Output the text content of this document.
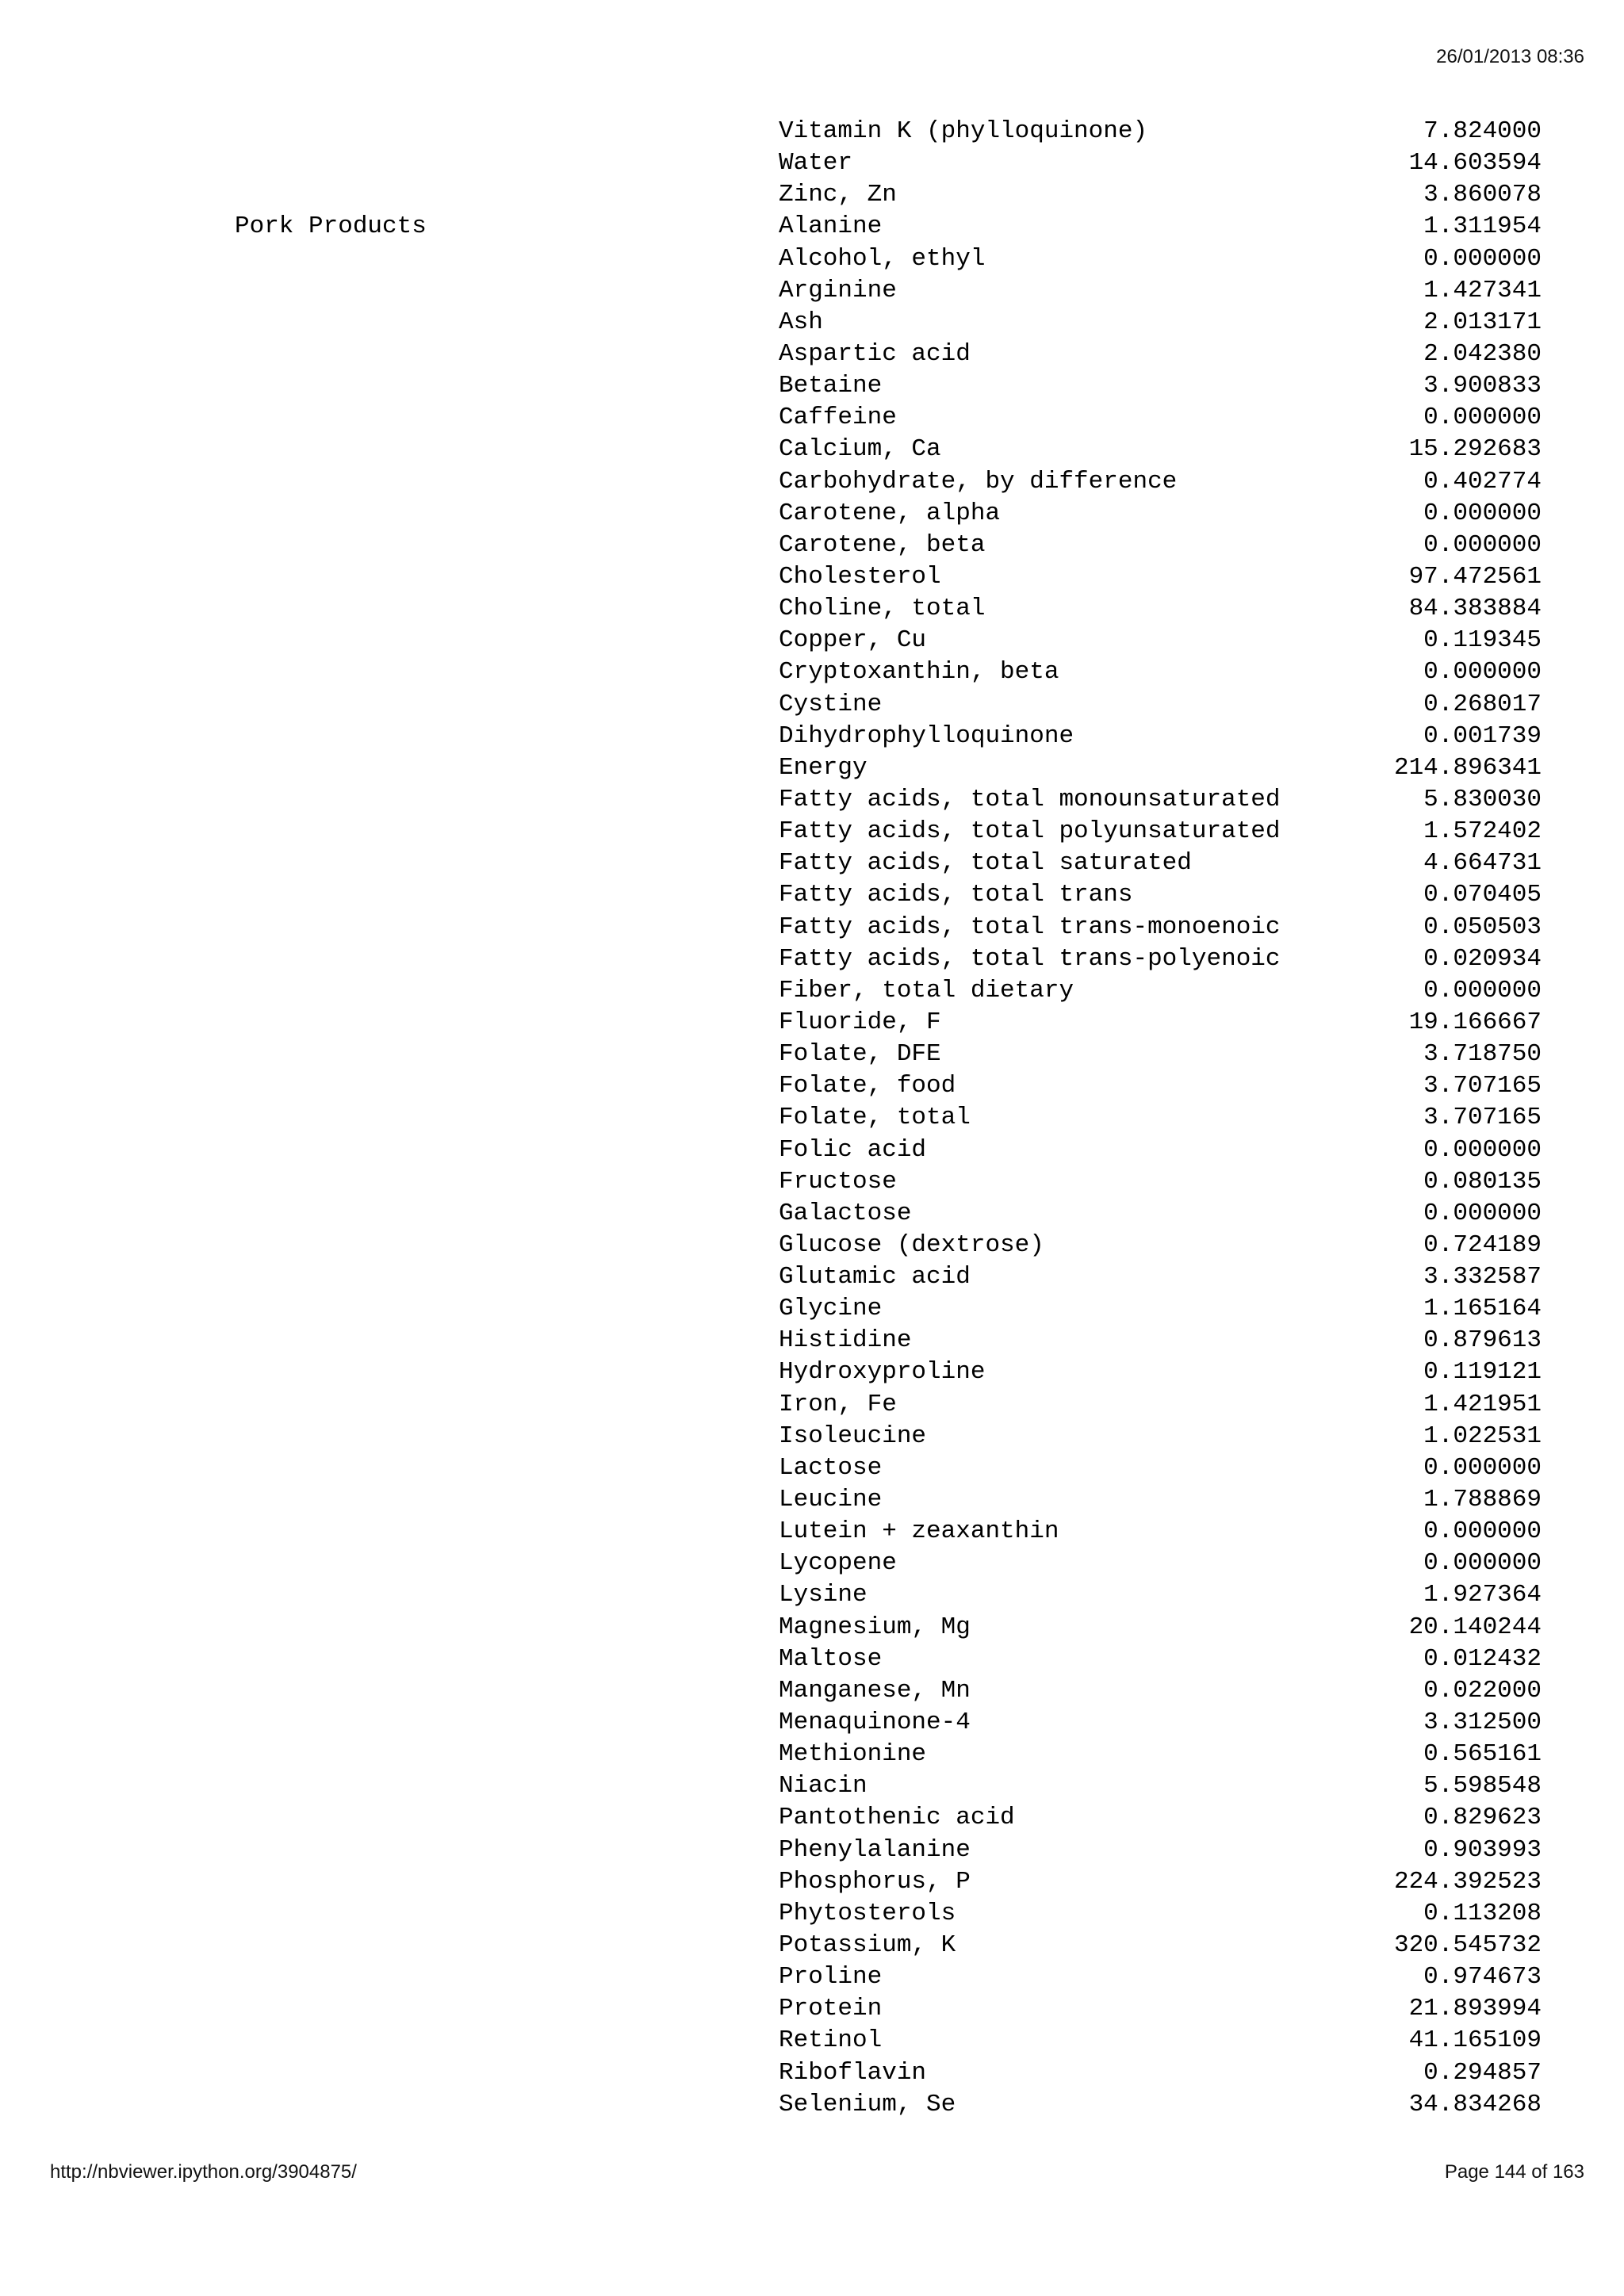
26/01/2013 08:36
Vitamin K (phylloquinone)	7.824000
Water	14.603594
Zinc, Zn	3.860078
Pork Products	Alanine	1.311954
Alcohol, ethyl	0.000000
Arginine	1.427341
Ash	2.013171
Aspartic acid	2.042380
Betaine	3.900833
Caffeine	0.000000
Calcium, Ca	15.292683
Carbohydrate, by difference	0.402774
Carotene, alpha	0.000000
Carotene, beta	0.000000
Cholesterol	97.472561
Choline, total	84.383884
Copper, Cu	0.119345
Cryptoxanthin, beta	0.000000
Cystine	0.268017
Dihydrophylloquinone	0.001739
Energy	214.896341
Fatty acids, total monounsaturated	5.830030
Fatty acids, total polyunsaturated	1.572402
Fatty acids, total saturated	4.664731
Fatty acids, total trans	0.070405
Fatty acids, total trans-monoenoic	0.050503
Fatty acids, total trans-polyenoic	0.020934
Fiber, total dietary	0.000000
Fluoride, F	19.166667
Folate, DFE	3.718750
Folate, food	3.707165
Folate, total	3.707165
Folic acid	0.000000
Fructose	0.080135
Galactose	0.000000
Glucose (dextrose)	0.724189
Glutamic acid	3.332587
Glycine	1.165164
Histidine	0.879613
Hydroxyproline	0.119121
Iron, Fe	1.421951
Isoleucine	1.022531
Lactose	0.000000
Leucine	1.788869
Lutein + zeaxanthin	0.000000
Lycopene	0.000000
Lysine	1.927364
Magnesium, Mg	20.140244
Maltose	0.012432
Manganese, Mn	0.022000
Menaquinone-4	3.312500
Methionine	0.565161
Niacin	5.598548
Pantothenic acid	0.829623
Phenylalanine	0.903993
Phosphorus, P	224.392523
Phytosterols	0.113208
Potassium, K	320.545732
Proline	0.974673
Protein	21.893994
Retinol	41.165109
Riboflavin	0.294857
Selenium, Se	34.834268
http://nbviewer.ipython.org/3904875/	Page 144 of 163
